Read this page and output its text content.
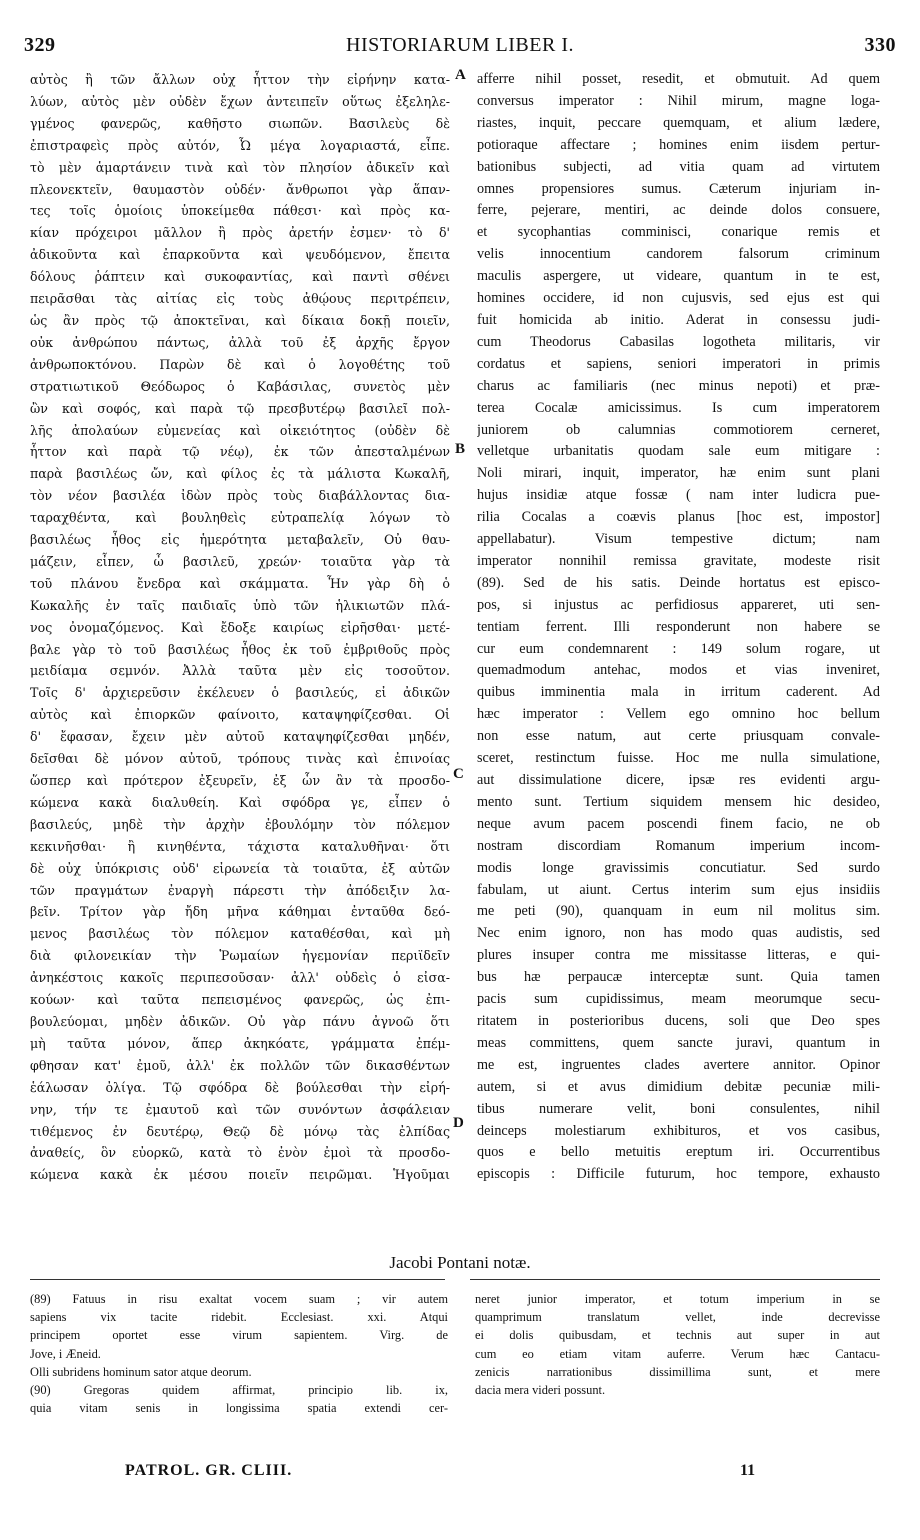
329	HISTORIARUM LIBER I.	330
αὐτὸς ἢ τῶν ἄλλων οὐχ ἧττον τὴν εἰρήνην κατα-
λύων, αὐτὸς μὲν οὐδὲν ἔχων ἀντειπεῖν οὕτως ἐξεληλε-
γμένος φανερῶς, καθῆστο σιωπῶν. Βασιλεὺς δὲ
ἐπιστραφεὶς πρὸς αὐτόν, Ὦ μέγα λογαριαστά, εἶπε.
τὸ μὲν ἁμαρτάνειν τινὰ καὶ τὸν πλησίον ἀδικεῖν καὶ
πλεονεκτεῖν, θαυμαστὸν οὐδέν· ἄνθρωποι γὰρ ἅπαν-
τες τοῖς ὁμοίοις ὑποκείμεθα πάθεσι· καὶ πρὸς κα-
κίαν πρόχειροι μᾶλλον ἢ πρὸς ἀρετήν ἐσμεν· τὸ δ'
ἀδικοῦντα καὶ ἐπαρκοῦντα καὶ ψευδόμενον, ἔπειτα
δόλους ῥάπτειν καὶ συκοφαντίας, καὶ παντὶ σθένει
πειρᾶσθαι τὰς αἰτίας εἰς τοὺς ἀθῴους περιτρέπειν,
ὡς ἂν πρὸς τῷ ἀποκτεῖναι, καὶ δίκαια δοκῇ ποιεῖν,
οὐκ ἀνθρώπου πάντως, ἀλλὰ τοῦ ἐξ ἀρχῆς ἔργον
ἀνθρωποκτόνου. Παρὼν δὲ καὶ ὁ λογοθέτης τοῦ
στρατιωτικοῦ Θεόδωρος ὁ Καβάσιλας, συνετὸς μὲν
ὢν καὶ σοφός, καὶ παρὰ τῷ πρεσβυτέρῳ βασιλεῖ πολ-
λῆς ἀπολαύων εὐμενείας καὶ οἰκειότητος (οὐδὲν δὲ
ἧττον καὶ παρὰ τῷ νέῳ), ἐκ τῶν ἀπεσταλμένων
παρὰ βασιλέως ὤν, καὶ φίλος ἐς τὰ μάλιστα Κωκαλῆ,
τὸν νέον βασιλέα ἰδὼν πρὸς τοὺς διαβάλλοντας δια-
ταραχθέντα, καὶ βουληθεὶς εὐτραπελίᾳ λόγων τὸ
βασιλέως ἦθος εἰς ἡμερότητα μεταβαλεῖν, Οὐ θαυ-
μάζειν, εἶπεν, ὦ βασιλεῦ, χρεών· τοιαῦτα γὰρ τὰ
τοῦ πλάνου ἔνεδρα καὶ σκάμματα. Ἦν γὰρ δὴ ὁ
Κωκαλῆς ἐν ταῖς παιδιαῖς ὑπὸ τῶν ἡλικιωτῶν πλά-
νος ὀνομαζόμενος. Καὶ ἔδοξε καιρίως εἰρῆσθαι· μετέ-
βαλε γὰρ τὸ τοῦ βασιλέως ἦθος ἐκ τοῦ ἐμβριθοῦς πρὸς
μειδίαμα σεμνόν. Ἀλλὰ ταῦτα μὲν εἰς τοσοῦτον.
Τοῖς δ' ἀρχιερεῦσιν ἐκέλευεν ὁ βασιλεύς, εἰ ἀδικῶν
αὐτὸς καὶ ἐπιορκῶν φαίνοιτο, καταψηφίζεσθαι. Οἱ
δ' ἔφασαν, ἔχειν μὲν αὐτοῦ καταψηφίζεσθαι μηδέν,
δεῖσθαι δὲ μόνον αὐτοῦ, τρόπους τινὰς καὶ ἐπινοίας
ὥσπερ καὶ πρότερον ἐξευρεῖν, ἐξ ὧν ἂν τὰ προσδο-
κώμενα κακὰ διαλυθείη. Καὶ σφόδρα γε, εἶπεν ὁ
βασιλεύς, μηδὲ τὴν ἀρχὴν ἐβουλόμην τὸν πόλεμον
κεκινῆσθαι· ἢ κινηθέντα, τάχιστα καταλυθῆναι· ὅτι
δὲ οὐχ ὑπόκρισις οὐδ' εἰρωνεία τὰ τοιαῦτα, ἐξ αὐτῶν
τῶν πραγμάτων ἐναργὴ πάρεστι τὴν ἀπόδειξιν λα-
βεῖν. Τρίτον γὰρ ἤδη μῆνα κάθημαι ἐνταῦθα δεό-
μενος βασιλέως τὸν πόλεμον καταθέσθαι, καὶ μὴ
διὰ φιλονεικίαν τὴν Ῥωμαίων ἡγεμονίαν περιϊδεῖν
ἀνηκέστοις κακοῖς περιπεσοῦσαν· ἀλλ' οὐδεὶς ὁ εἰσα-
κούων· καὶ ταῦτα πεπεισμένος φανερῶς, ὡς ἐπι-
βουλεύομαι, μηδὲν ἀδικῶν. Οὐ γὰρ πάνυ ἀγνοῶ ὅτι
μὴ ταῦτα μόνον, ἅπερ ἀκηκόατε, γράμματα ἐπέμ-
φθησαν κατ' ἐμοῦ, ἀλλ' ἐκ πολλῶν τῶν δικασθέντων
ἑάλωσαν ὀλίγα. Τῷ σφόδρα δὲ βούλεσθαι τὴν εἰρή-
νην, τήν τε ἐμαυτοῦ καὶ τῶν συνόντων ἀσφάλειαν
τιθέμενος ἐν δευτέρῳ, Θεῷ δὲ μόνῳ τὰς ἐλπίδας
ἀναθείς, ὃν εὐορκῶ, κατὰ τὸ ἐνὸν ἐμοὶ τὰ προσδο-
κώμενα κακὰ ἐκ μέσου ποιεῖν πειρῶμαι. Ἡγοῦμαι
afferre nihil posset, resedit, et obmutuit. Ad quem
conversus imperator : Nihil mirum, magne loga-
riastes, inquit, peccare quemquam, et alium lædere,
potioraque affectare ; homines enim iisdem pertur-
bationibus subjecti, ad vitia quam ad virtutem
omnes propensiores sumus. Cæterum injuriam in-
ferre, pejerare, mentiri, ac deinde dolos consuere,
et sycophantias comminisci, conarique remis et
velis innocentium candorem falsorum criminum
maculis aspergere, ut videare, quantum in te est,
homines occidere, id non cujusvis, sed ejus est qui
fuit homicida ab initio. Aderat in consessu judi-
cum Theodorus Cabasilas logotheta militaris, vir
cordatus et sapiens, seniori imperatori in primis
charus ac familiaris (nec minus nepoti) et præ-
terea Cocalæ amicissimus. Is cum imperatorem
juniorem ob calumnias commotiorem cerneret,
velletque urbanitatis quodam sale eum mitigare :
Noli mirari, inquit, imperator, hæ enim sunt plani
hujus insidiæ atque fossæ ( nam inter ludicra pue-
rilia Cocalas a coævis planus [hoc est, impostor]
appellabatur). Visum tempestive dictum; nam
imperator nonnihil remissa gravitate, modeste risit
(89). Sed de his satis. Deinde hortatus est episco-
pos, si injustus ac perfidiosus appareret, uti sen-
tentiam ferrent. Illi responderunt non habere se
cur eum condemnarent : 149 solum rogare, ut
quemadmodum antehac, modos et vias inveniret,
quibus imminentia mala in irritum caderent. Ad
hæc imperator : Vellem ego omnino hoc bellum
non esse natum, aut certe priusquam convale-
sceret, restinctum fuisse. Hoc me nulla simulatione,
aut dissimulatione dicere, ipsæ res evidenti argu-
mento sunt. Tertium siquidem mensem hic desideo,
neque avum pacem poscendi finem facio, ne ob
nostram discordiam Romanum imperium incom-
modis longe gravissimis concutiatur. Sed surdo
fabulam, ut aiunt. Certus interim sum ejus insidiis
me peti (90), quanquam in eum nil molitus sim.
Nec enim ignoro, non has modo quas audistis, sed
plures insuper contra me missitasse litteras, e qui-
bus hæ perpaucæ interceptæ sunt. Quia tamen
pacis sum cupidissimus, meam meorumque secu-
ritatem in posterioribus ducens, soli que Deo spes
meas committens, quem sancte juravi, quantum in
me est, ingruentes clades avertere annitor. Opinor
autem, si et avus dimidium debitæ pecuniæ mili-
tibus numerare velit, boni consulentes, nihil
deinceps molestiarum exhibituros, et vos casibus,
quos e bello metuitis ereptum iri. Occurrentibus
episcopis : Difficile futurum, hoc tempore, exhausto
A
B
C
D
Jacobi Pontani notæ.
(89) Fatuus in risu exaltat vocem suam ; vir autem
sapiens vix tacite ridebit. Ecclesiast. xxi. Atqui
principem oportet esse virum sapientem. Virg. de
Jove, i Æneid.
Olli subridens hominum sator atque deorum.
(90) Gregoras quidem affirmat, principio lib. ix,
quia vitam senis in longissima spatia extendi cer-
neret junior imperator, et totum imperium in se
quamprimum translatum vellet, inde decrevisse
ei dolis quibusdam, et technis aut super in aut
cum eo etiam vitam auferre. Verum hæc Cantacu-
zenicis narrationibus dissimillima sunt, et mere
dacia mera videri possunt.
PATROL. GR. CLIII.	11
